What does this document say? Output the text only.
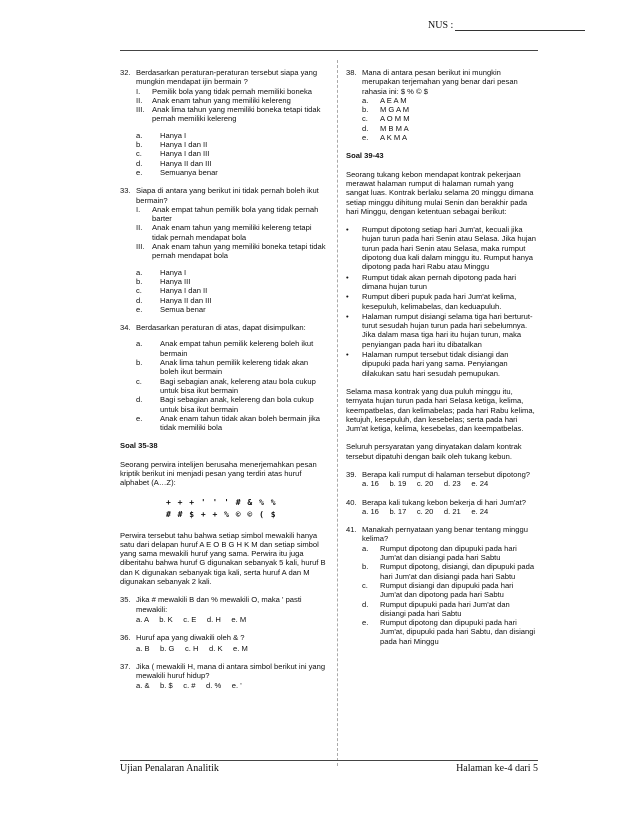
NUS :
32. Berdasarkan peraturan-peraturan tersebut siapa yang mungkin mendapat ijin bermain ?
I.	Pemilik bola yang tidak pernah memiliki boneka
II.	Anak enam tahun yang memiliki kelereng
III. Anak lima tahun yang memiliki boneka tetapi tidak pernah memiliki kelereng
a.	Hanya I
b.	Hanya I dan II
c.	Hanya I dan III
d.	Hanya II dan III
e.	Semuanya benar
33. Siapa di antara yang berikut ini tidak pernah boleh ikut bermain?
I.	Anak empat tahun pemilik bola yang tidak pernah barter
II.	Anak enam tahun yang memiliki kelereng tetapi tidak pernah mendapat bola
III. Anak enam tahun yang memiliki boneka tetapi tidak pernah mendapat bola
a.	Hanya I
b.	Hanya III
c.	Hanya I dan II
d.	Hanya II dan III
e.	Semua benar
34. Berdasarkan peraturan di atas, dapat disimpulkan:
a.	Anak empat tahun pemilik kelereng boleh ikut bermain
b.	Anak lima tahun pemilik kelereng tidak akan boleh ikut bermain
c.	Bagi sebagian anak, kelereng atau bola cukup untuk bisa ikut bermain
d.	Bagi sebagian anak, kelereng dan bola cukup untuk bisa ikut bermain
e.	Anak enam tahun tidak akan boleh bermain jika tidak memiliki bola
Soal 35-38
Seorang perwira intelijen berusaha menerjemahkan pesan kriptik berikut ini menjadi pesan yang terdiri atas huruf alphabet (A…Z):
+ + + ' ' ' # & % %
# # $ + + % © © ( $
Perwira tersebut tahu bahwa setiap simbol mewakili hanya satu dari delapan huruf A E O B G H K M dan setiap simbol yang sama mewakili huruf yang sama. Perwira itu juga diberitahu bahwa huruf G digunakan sebanyak 5 kali, huruf B dan K digunakan sebanyak tiga kali, serta huruf A dan M digunakan sebanyak 2 kali.
35. Jika # mewakili B dan % mewakili O, maka ' pasti mewakili:
a. A     b. K     c. E     d. H     e. M
36. Huruf apa yang diwakili oleh & ?
a. B     b. G     c. H     d. K     e. M
37. Jika ( mewakili H, mana di antara simbol berikut ini yang mewakili huruf hidup?
a. &     b. $     c. #     d. %     e. '
38. Mana di antara pesan berikut ini mungkin merupakan terjemahan yang benar dari pesan rahasia ini: $ % © $
a.	A E A M
b.	M G A M
c.	A O M M
d.	M B M A
e.	A K M A
Soal 39-43
Seorang tukang kebon mendapat kontrak pekerjaan merawat halaman rumput di halaman rumah yang sangat luas. Kontrak berlaku selama 20 minggu dimana setiap minggu dihitung mulai Senin dan berakhir pada hari Minggu, dengan ketentuan sebagai berikut:
•	Rumput dipotong setiap hari Jum'at, kecuali jika hujan turun pada hari Senin atau Selasa. Jika hujan turun pada hari Senin atau Selasa, maka rumput dipotong dua kali dalam minggu itu. Rumput hanya dipotong pada hari Rabu atau Minggu
•	Rumput tidak akan pernah dipotong pada hari dimana hujan turun
•	Rumput diberi pupuk pada hari Jum'at kelima, kesepuluh, kelimabelas, dan keduapuluh.
•	Halaman rumput disiangi selama tiga hari berturut-turut sesudah hujan turun pada hari sebelumnya. Jika dalam masa tiga hari itu hujan turun, maka penyiangan pada hari itu dibatalkan
•	Halaman rumput tersebut tidak disiangi dan dipupuki pada hari yang sama. Penyiangan dilakukan satu hari sesudah pemupukan.
Selama masa kontrak yang dua puluh minggu itu, ternyata hujan turun pada hari Selasa ketiga, kelima, keempatbelas, dan kelimabelas; pada hari Rabu kelima, ketujuh, kesepuluh, dan kesebelas; serta pada hari Jum'at ketiga, kelima, kesebelas, dan keempatbelas.
Seluruh persyaratan yang dinyatakan dalam kontrak tersebut dipatuhi dengan baik oleh tukang kebun.
39. Berapa kali rumput di halaman tersebut dipotong?
a. 16     b. 19     c. 20     d. 23     e. 24
40. Berapa kali tukang kebon bekerja di hari Jum'at?
a. 16     b. 17     c. 20     d. 21     e. 24
41. Manakah pernyataan yang benar tentang minggu kelima?
a.	Rumput dipotong dan dipupuki pada hari Jum'at dan disiangi pada hari Sabtu
b.	Rumput dipotong, disiangi, dan dipupuki pada hari Jum'at dan disiangi pada hari Sabtu
c.	Rumput disiangi dan dipupuki pada hari Jum'at dan dipotong pada hari Sabtu
d.	Rumput dipupuki pada hari Jum'at dan disiangi pada hari Sabtu
e.	Rumput dipotong dan dipupuki pada hari Jum'at, dipupuki pada hari Sabtu, dan disiangi pada hari Minggu
Ujian Penalaran Analitik	Halaman ke-4 dari 5
